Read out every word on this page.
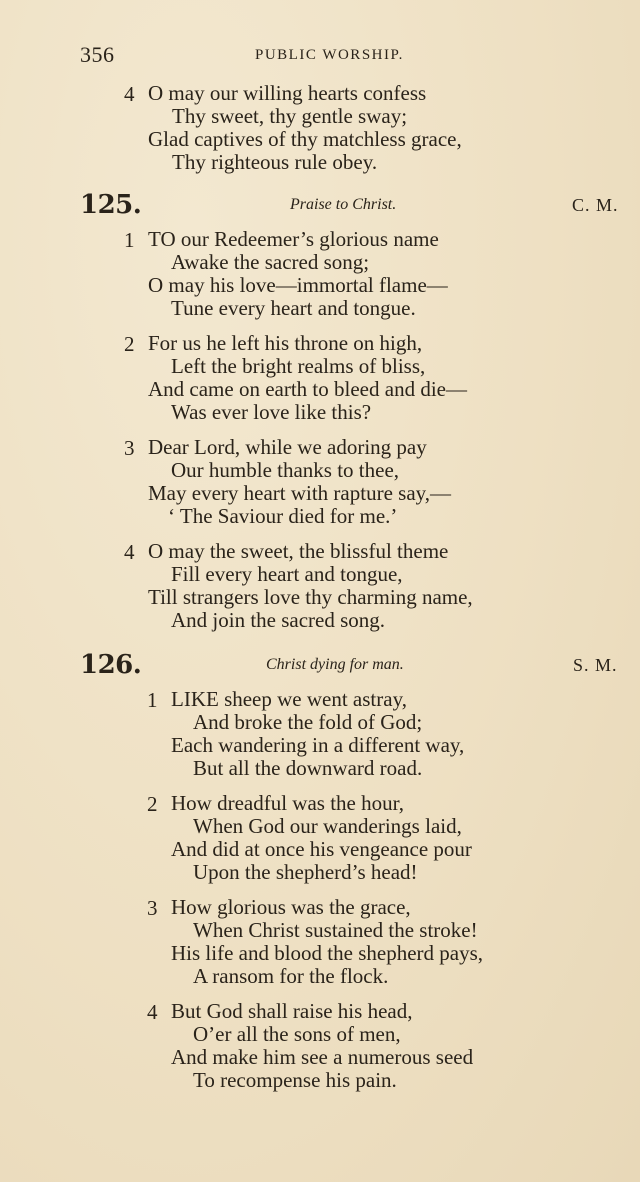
356	PUBLIC WORSHIP.
4 O may our willing hearts confess
Thy sweet, thy gentle sway;
Glad captives of thy matchless grace,
Thy righteous rule obey.
125.	Praise to Christ.	C. M.
1 TO our Redeemer’s glorious name
Awake the sacred song;
O may his love—immortal flame—
Tune every heart and tongue.
2 For us he left his throne on high,
Left the bright realms of bliss,
And came on earth to bleed and die—
Was ever love like this?
3 Dear Lord, while we adoring pay
Our humble thanks to thee,
May every heart with rapture say,—
‘ The Saviour died for me.’
4 O may the sweet, the blissful theme
Fill every heart and tongue,
Till strangers love thy charming name,
And join the sacred song.
126.	Christ dying for man.	S. M.
1 LIKE sheep we went astray,
And broke the fold of God;
Each wandering in a different way,
But all the downward road.
2 How dreadful was the hour,
When God our wanderings laid,
And did at once his vengeance pour
Upon the shepherd’s head!
3 How glorious was the grace,
When Christ sustained the stroke!
His life and blood the shepherd pays,
A ransom for the flock.
4 But God shall raise his head,
O’er all the sons of men,
And make him see a numerous seed
To recompense his pain.
